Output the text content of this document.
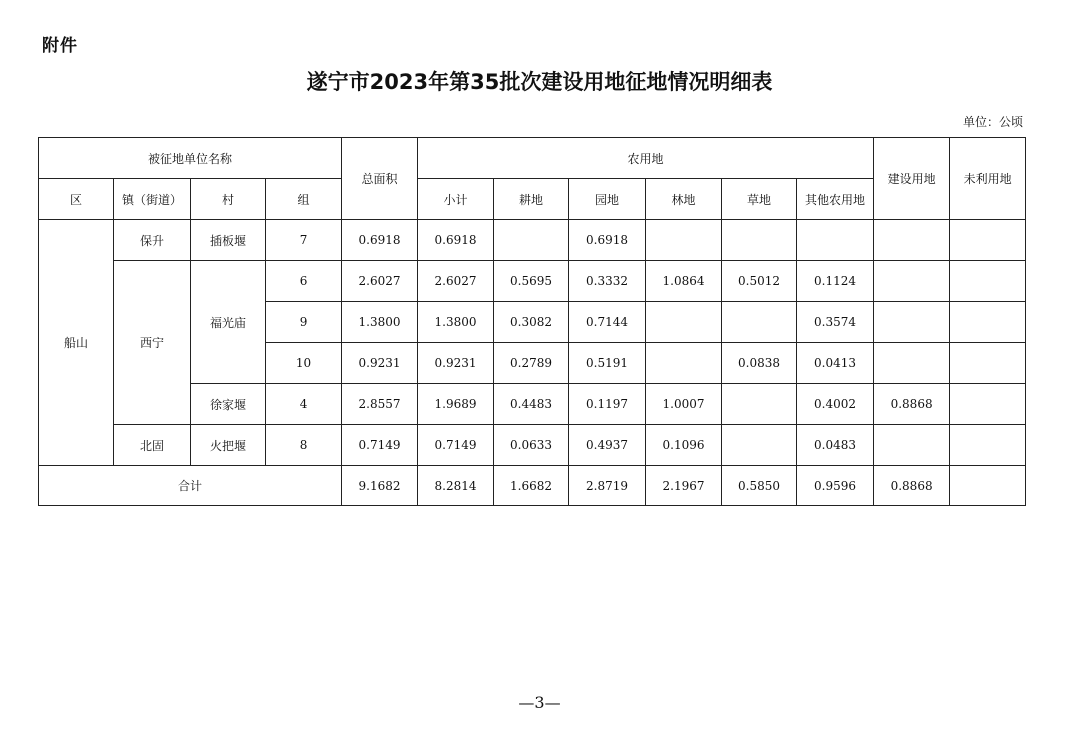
附件
遂宁市2023年第35批次建设用地征地情况明细表
单位：公顷
被征地单位名称				总面积	农用地						建设用地	未利用地
区	镇（街道）	村	组		小计	耕地	园地	林地	草地	其他农用地		
船山	保升	插板堰	7	0.6918	0.6918		0.6918					
	西宁	福光庙	6	2.6027	2.6027	0.5695	0.3332	1.0864	0.5012	0.1124		
			9	1.3800	1.3800	0.3082	0.7144			0.3574		
			10	0.9231	0.9231	0.2789	0.5191		0.0838	0.0413		
		徐家堰	4	2.8557	1.9689	0.4483	0.1197	1.0007		0.4002	0.8868	
	北固	火把堰	8	0.7149	0.7149	0.0633	0.4937	0.1096		0.0483		
合计				9.1682	8.2814	1.6682	2.8719	2.1967	0.5850	0.9596	0.8868	
—3—
